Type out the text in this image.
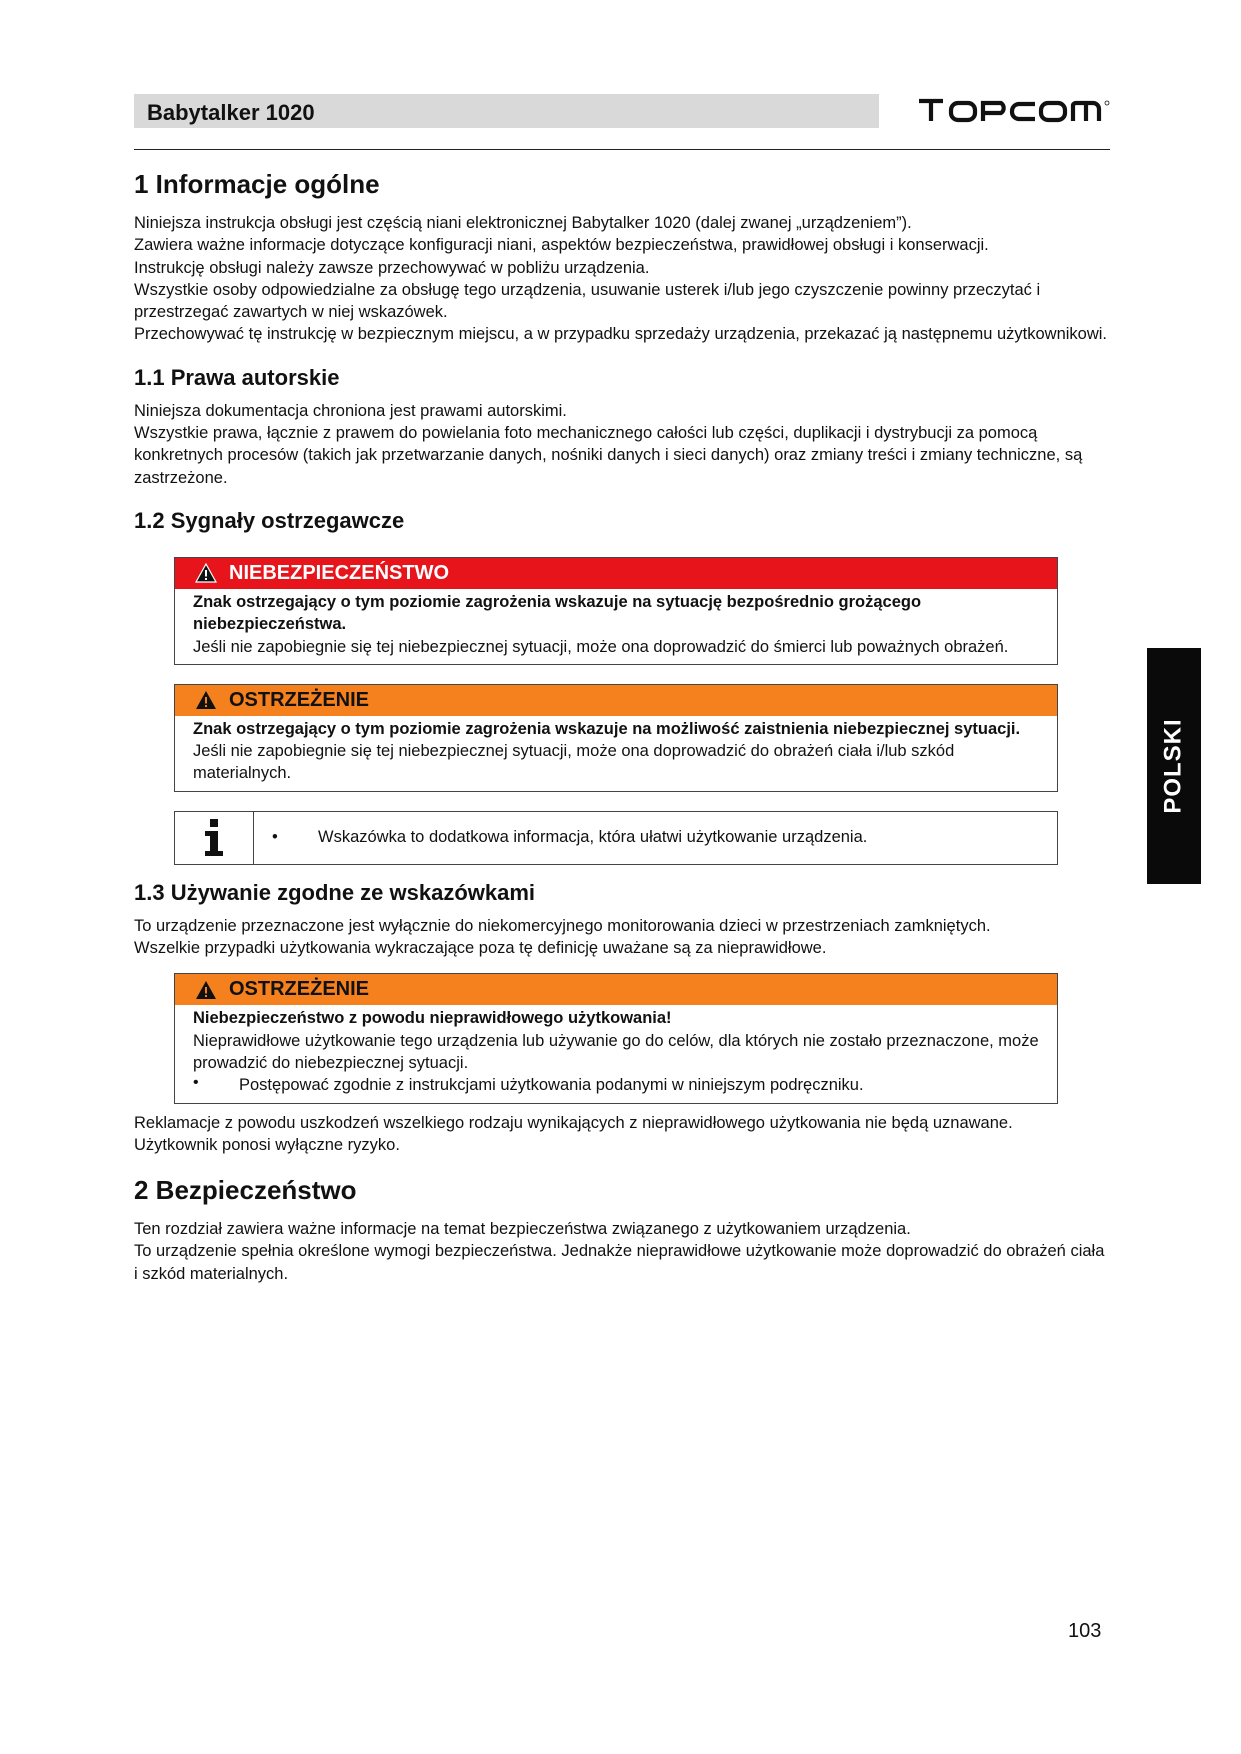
Babytalker 1020
POLSKI
1 Informacje ogólne

Niniejsza instrukcja obsługi jest częścią niani elektronicznej Babytalker 1020 (dalej zwanej „urządzeniem”).

Zawiera ważne informacje dotyczące konfiguracji niani, aspektów bezpieczeństwa, prawidłowej obsługi i konserwacji.

Instrukcję obsługi należy zawsze przechowywać w pobliżu urządzenia.

Wszystkie osoby odpowiedzialne za obsługę tego urządzenia, usuwanie usterek i/lub jego czyszczenie powinny przeczytać i przestrzegać zawartych w niej wskazówek.

Przechowywać tę instrukcję w bezpiecznym miejscu, a w przypadku sprzedaży urządzenia, przekazać ją następnemu użytkownikowi.

1.1 Prawa autorskie

Niniejsza dokumentacja chroniona jest prawami autorskimi.

Wszystkie prawa, łącznie z prawem do powielania foto mechanicznego całości lub części, duplikacji i dystrybucji za pomocą konkretnych procesów (takich jak przetwarzanie danych, nośniki danych i sieci danych) oraz zmiany treści i zmiany techniczne, są zastrzeżone.

1.2 Sygnały ostrzegawcze
NIEBEZPIECZEŃSTWO

Znak ostrzegający o tym poziomie zagrożenia wskazuje na sytuację bezpośrednio grożącego niebezpieczeństwa.

Jeśli nie zapobiegnie się tej niebezpiecznej sytuacji, może ona doprowadzić do śmierci lub poważnych obrażeń.

OSTRZEŻENIE

Znak ostrzegający o tym poziomie zagrożenia wskazuje na możliwość zaistnienia niebezpiecznej sytuacji.

Jeśli nie zapobiegnie się tej niebezpiecznej sytuacji, może ona doprowadzić do obrażeń ciała i/lub szkód materialnych.

•	Wskazówka to dodatkowa informacja, która ułatwi użytkowanie urządzenia.
1.3 Używanie zgodne ze wskazówkami

To urządzenie przeznaczone jest wyłącznie do niekomercyjnego monitorowania dzieci w przestrzeniach zamkniętych.

Wszelkie przypadki użytkowania wykraczające poza tę definicję uważane są za nieprawidłowe.

OSTRZEŻENIE

Niebezpieczeństwo z powodu nieprawidłowego użytkowania!

Nieprawidłowe użytkowanie tego urządzenia lub używanie go do celów, dla których nie zostało przeznaczone, może prowadzić do niebezpiecznej sytuacji.

•	Postępować zgodnie z instrukcjami użytkowania podanymi w niniejszym podręczniku.

Reklamacje z powodu uszkodzeń wszelkiego rodzaju wynikających z nieprawidłowego użytkowania nie będą uznawane.

Użytkownik ponosi wyłączne ryzyko.

2 Bezpieczeństwo

Ten rozdział zawiera ważne informacje na temat bezpieczeństwa związanego z użytkowaniem urządzenia.

To urządzenie spełnia określone wymogi bezpieczeństwa. Jednakże nieprawidłowe użytkowanie może doprowadzić do obrażeń ciała i szkód materialnych.

103
